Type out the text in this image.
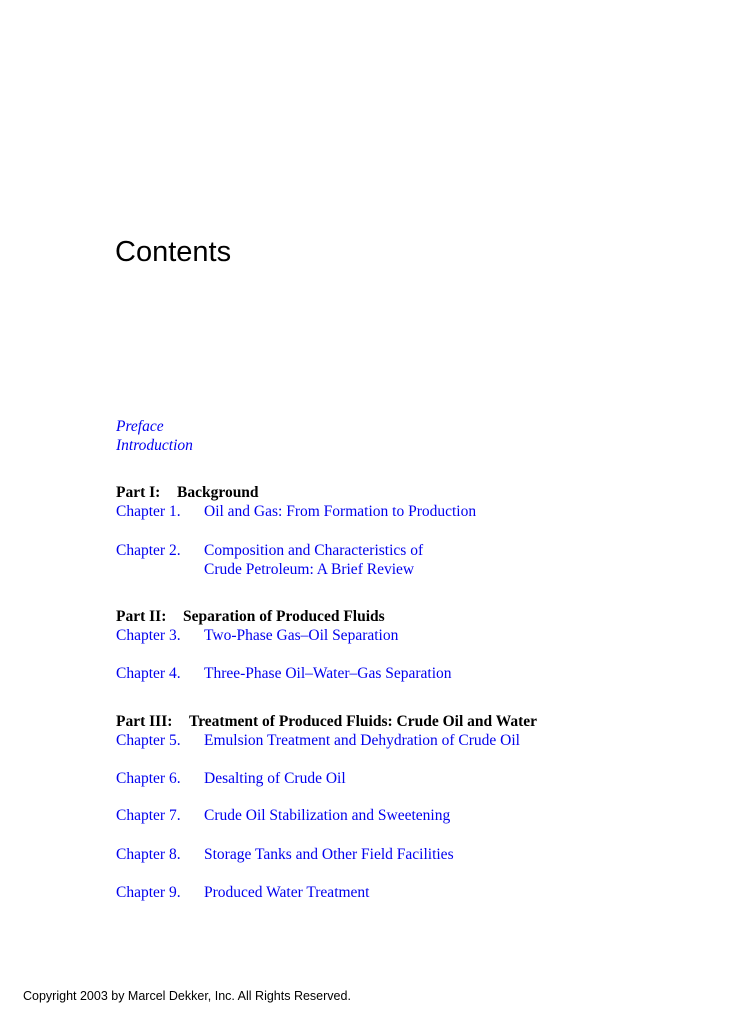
Contents
Preface
Introduction
Part I: Background
Chapter 1. Oil and Gas: From Formation to Production
Chapter 2. Composition and Characteristics of
Crude Petroleum: A Brief Review
Part II: Separation of Produced Fluids
Chapter 3. Two-Phase Gas–Oil Separation
Chapter 4. Three-Phase Oil–Water–Gas Separation
Part III: Treatment of Produced Fluids: Crude Oil and Water
Chapter 5. Emulsion Treatment and Dehydration of Crude Oil
Chapter 6. Desalting of Crude Oil
Chapter 7. Crude Oil Stabilization and Sweetening
Chapter 8. Storage Tanks and Other Field Facilities
Chapter 9. Produced Water Treatment
Copyright 2003 by Marcel Dekker, Inc. All Rights Reserved.
